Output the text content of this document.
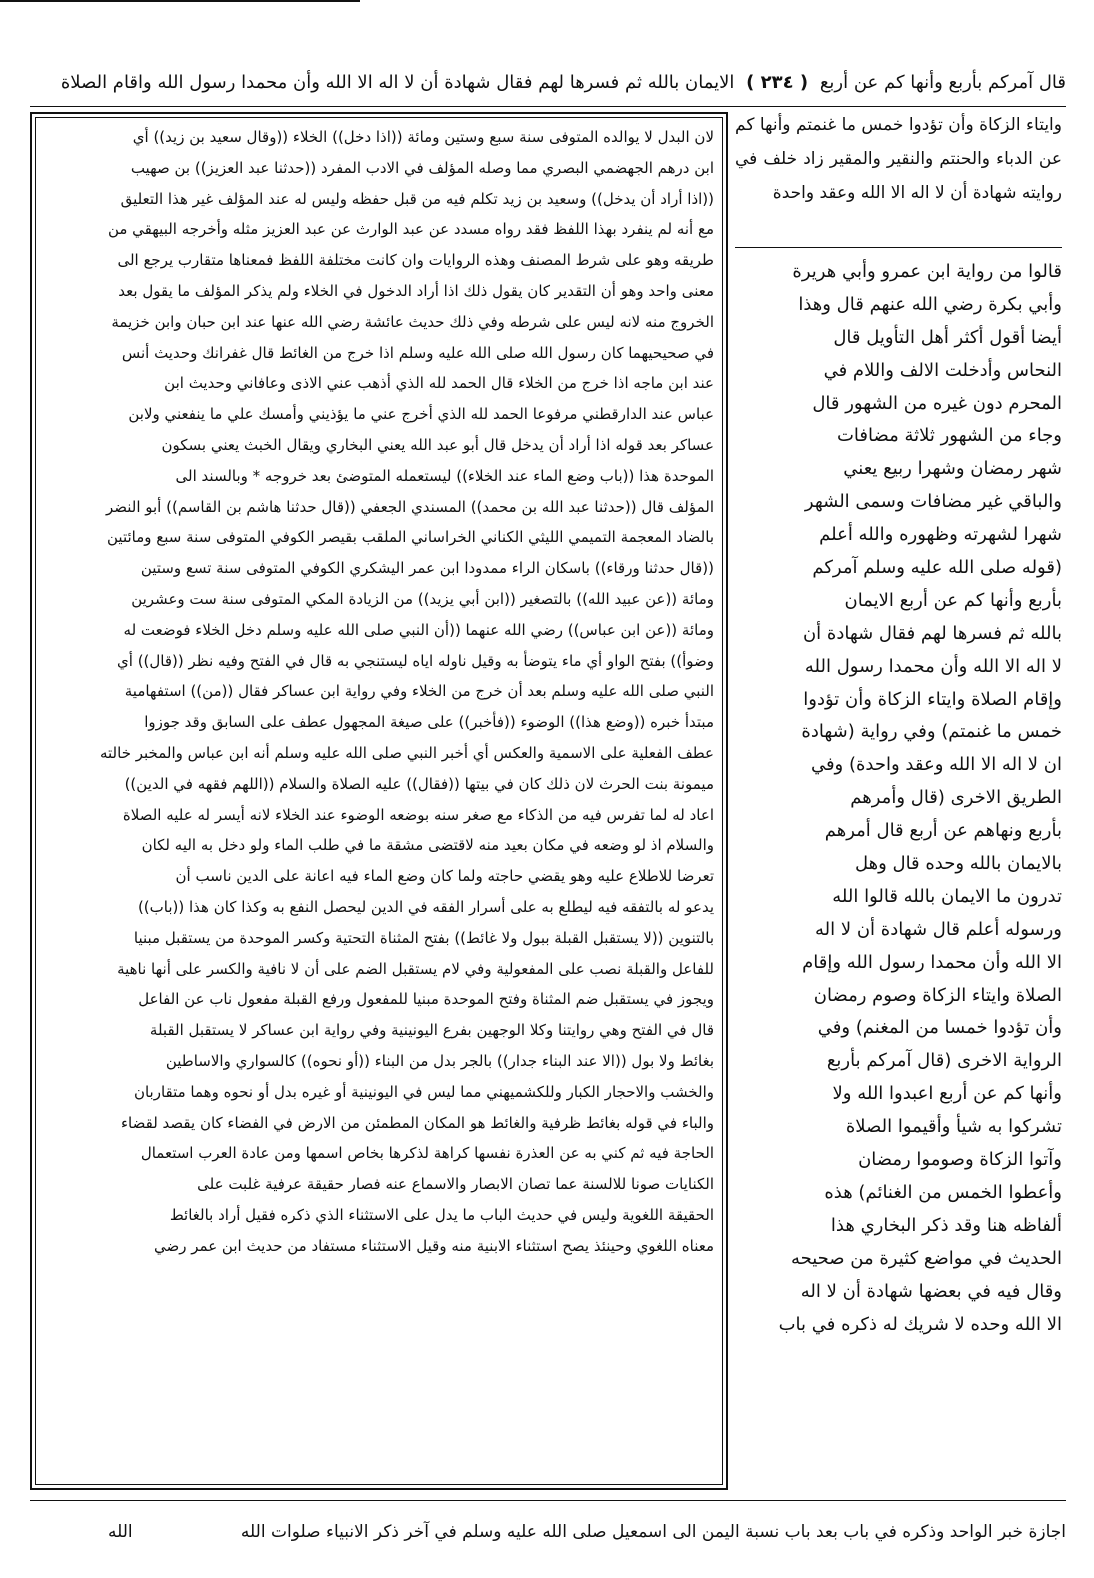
قال آمركم بأربع وأنها كم عن أربع ( ٢٣٤ ) الايمان بالله ثم فسرها لهم فقال شهادة أن لا اله الا الله وأن محمدا رسول الله واقام الصلاة
وايتاء الزكاة وأن تؤدوا خمس ما غنمتم وأنها كم عن الدباء والحنتم والنقير والمقير زاد خلف في روايته شهادة أن لا اله الا الله وعقد واحدة
قالوا من رواية ابن عمرو وأبي هريرة
وأبي بكرة رضي الله عنهم قال وهذا
أيضا أقول أكثر أهل التأويل قال
النحاس وأدخلت الالف واللام في
المحرم دون غيره من الشهور قال
وجاء من الشهور ثلاثة مضافات
شهر رمضان وشهرا ربيع يعني
والباقي غير مضافات وسمى الشهر
شهرا لشهرته وظهوره والله أعلم
(قوله صلى الله عليه وسلم آمركم
بأربع وأنها كم عن أربع الايمان
بالله ثم فسرها لهم فقال شهادة أن
لا اله الا الله وأن محمدا رسول الله
وإقام الصلاة وايتاء الزكاة وأن تؤدوا
خمس ما غنمتم) وفي رواية (شهادة
ان لا اله الا الله وعقد واحدة) وفي
الطريق الاخرى (قال وأمرهم
بأربع ونهاهم عن أربع قال أمرهم
بالايمان بالله وحده قال وهل
تدرون ما الايمان بالله قالوا الله
ورسوله أعلم قال شهادة أن لا اله
الا الله وأن محمدا رسول الله وإقام
الصلاة وايتاء الزكاة وصوم رمضان
وأن تؤدوا خمسا من المغنم) وفي
الرواية الاخرى (قال آمركم بأربع
وأنها كم عن أربع اعبدوا الله ولا
تشركوا به شيأ وأقيموا الصلاة
وآتوا الزكاة وصوموا رمضان
وأعطوا الخمس من الغنائم) هذه
ألفاظه هنا وقد ذكر البخاري هذا
الحديث في مواضع كثيرة من صحيحه
وقال فيه في بعضها شهادة أن لا اله
الا الله وحده لا شريك له ذكره في باب
لان البدل لا يوالده المتوفى سنة سبع وستين ومائة ((اذا دخل)) الخلاء ((وقال سعيد بن زيد)) أي
ابن درهم الجهضمي البصري مما وصله المؤلف في الادب المفرد ((حدثنا عبد العزيز)) بن صهيب
((اذا أراد أن يدخل)) وسعيد بن زيد تكلم فيه من قبل حفظه وليس له عند المؤلف غير هذا التعليق
مع أنه لم ينفرد بهذا اللفظ فقد رواه مسدد عن عبد الوارث عن عبد العزيز مثله وأخرجه البيهقي من
طريقه وهو على شرط المصنف وهذه الروايات وان كانت مختلفة اللفظ فمعناها متقارب يرجع الى
معنى واحد وهو أن التقدير كان يقول ذلك اذا أراد الدخول في الخلاء ولم يذكر المؤلف ما يقول بعد
الخروج منه لانه ليس على شرطه وفي ذلك حديث عائشة رضي الله عنها عند ابن حبان وابن خزيمة
في صحيحيهما كان رسول الله صلى الله عليه وسلم اذا خرج من الغائط قال غفرانك وحديث أنس
عند ابن ماجه اذا خرج من الخلاء قال الحمد لله الذي أذهب عني الاذى وعافاني وحديث ابن
عباس عند الدارقطني مرفوعا الحمد لله الذي أخرج عني ما يؤذيني وأمسك علي ما ينفعني ولابن
عساكر بعد قوله اذا أراد أن يدخل قال أبو عبد الله يعني البخاري ويقال الخبث يعني بسكون
الموحدة هذا ((باب وضع الماء عند الخلاء)) ليستعمله المتوضئ بعد خروجه * وبالسند الى
المؤلف قال ((حدثنا عبد الله بن محمد)) المسندي الجعفي ((قال حدثنا هاشم بن القاسم)) أبو النضر
بالضاد المعجمة التميمي الليثي الكناني الخراساني الملقب بقيصر الكوفي المتوفى سنة سبع ومائتين
((قال حدثنا ورقاء)) باسكان الراء ممدودا ابن عمر اليشكري الكوفي المتوفى سنة تسع وستين
ومائة ((عن عبيد الله)) بالتصغير ((ابن أبي يزيد)) من الزيادة المكي المتوفى سنة ست وعشرين
ومائة ((عن ابن عباس)) رضي الله عنهما ((أن النبي صلى الله عليه وسلم دخل الخلاء فوضعت له
وضوأ)) بفتح الواو أي ماء يتوضأ به وقيل ناوله اياه ليستنجي به قال في الفتح وفيه نظر ((قال)) أي
النبي صلى الله عليه وسلم بعد أن خرج من الخلاء وفي رواية ابن عساكر فقال ((من)) استفهامية
مبتدأ خبره ((وضع هذا)) الوضوء ((فأخبر)) على صيغة المجهول عطف على السابق وقد جوزوا
عطف الفعلية على الاسمية والعكس أي أخبر النبي صلى الله عليه وسلم أنه ابن عباس والمخبر خالته
ميمونة بنت الحرث لان ذلك كان في بيتها ((فقال)) عليه الصلاة والسلام ((اللهم فقهه في الدين))
اعاد له لما تفرس فيه من الذكاء مع صغر سنه بوضعه الوضوء عند الخلاء لانه أيسر له عليه الصلاة
والسلام اذ لو وضعه في مكان بعيد منه لاقتضى مشقة ما في طلب الماء ولو دخل به اليه لكان
تعرضا للاطلاع عليه وهو يقضي حاجته ولما كان وضع الماء فيه اعانة على الدين ناسب أن
يدعو له بالتفقه فيه ليطلع به على أسرار الفقه في الدين ليحصل النفع به وكذا كان هذا ((باب))
بالتنوين ((لا يستقبل القبلة ببول ولا غائط)) بفتح المثناة التحتية وكسر الموحدة من يستقبل مبنيا
للفاعل والقبلة نصب على المفعولية وفي لام يستقبل الضم على أن لا نافية والكسر على أنها ناهية
ويجوز في يستقبل ضم المثناة وفتح الموحدة مبنيا للمفعول ورفع القبلة مفعول ناب عن الفاعل
قال في الفتح وهي روايتنا وكلا الوجهين بفرع اليونينية وفي رواية ابن عساكر لا يستقبل القبلة
بغائط ولا بول ((الا عند البناء جدار)) بالجر بدل من البناء ((أو نحوه)) كالسواري والاساطين
والخشب والاحجار الكبار وللكشميهني مما ليس في اليونينية أو غيره بدل أو نحوه وهما متقاربان
والباء في قوله بغائط ظرفية والغائط هو المكان المطمئن من الارض في الفضاء كان يقصد لقضاء
الحاجة فيه ثم كني به عن العذرة نفسها كراهة لذكرها بخاص اسمها ومن عادة العرب استعمال
الكنايات صونا للالسنة عما تصان الابصار والاسماع عنه فصار حقيقة عرفية غلبت على
الحقيقة اللغوية وليس في حديث الباب ما يدل على الاستثناء الذي ذكره فقيل أراد بالغائط
معناه اللغوي وحينئذ يصح استثناء الابنية منه وقيل الاستثناء مستفاد من حديث ابن عمر رضي
اجازة خبر الواحد وذكره في باب بعد باب نسبة اليمن الى اسمعيل صلى الله عليه وسلم في آخر ذكر الانبياء صلوات الله
الله
